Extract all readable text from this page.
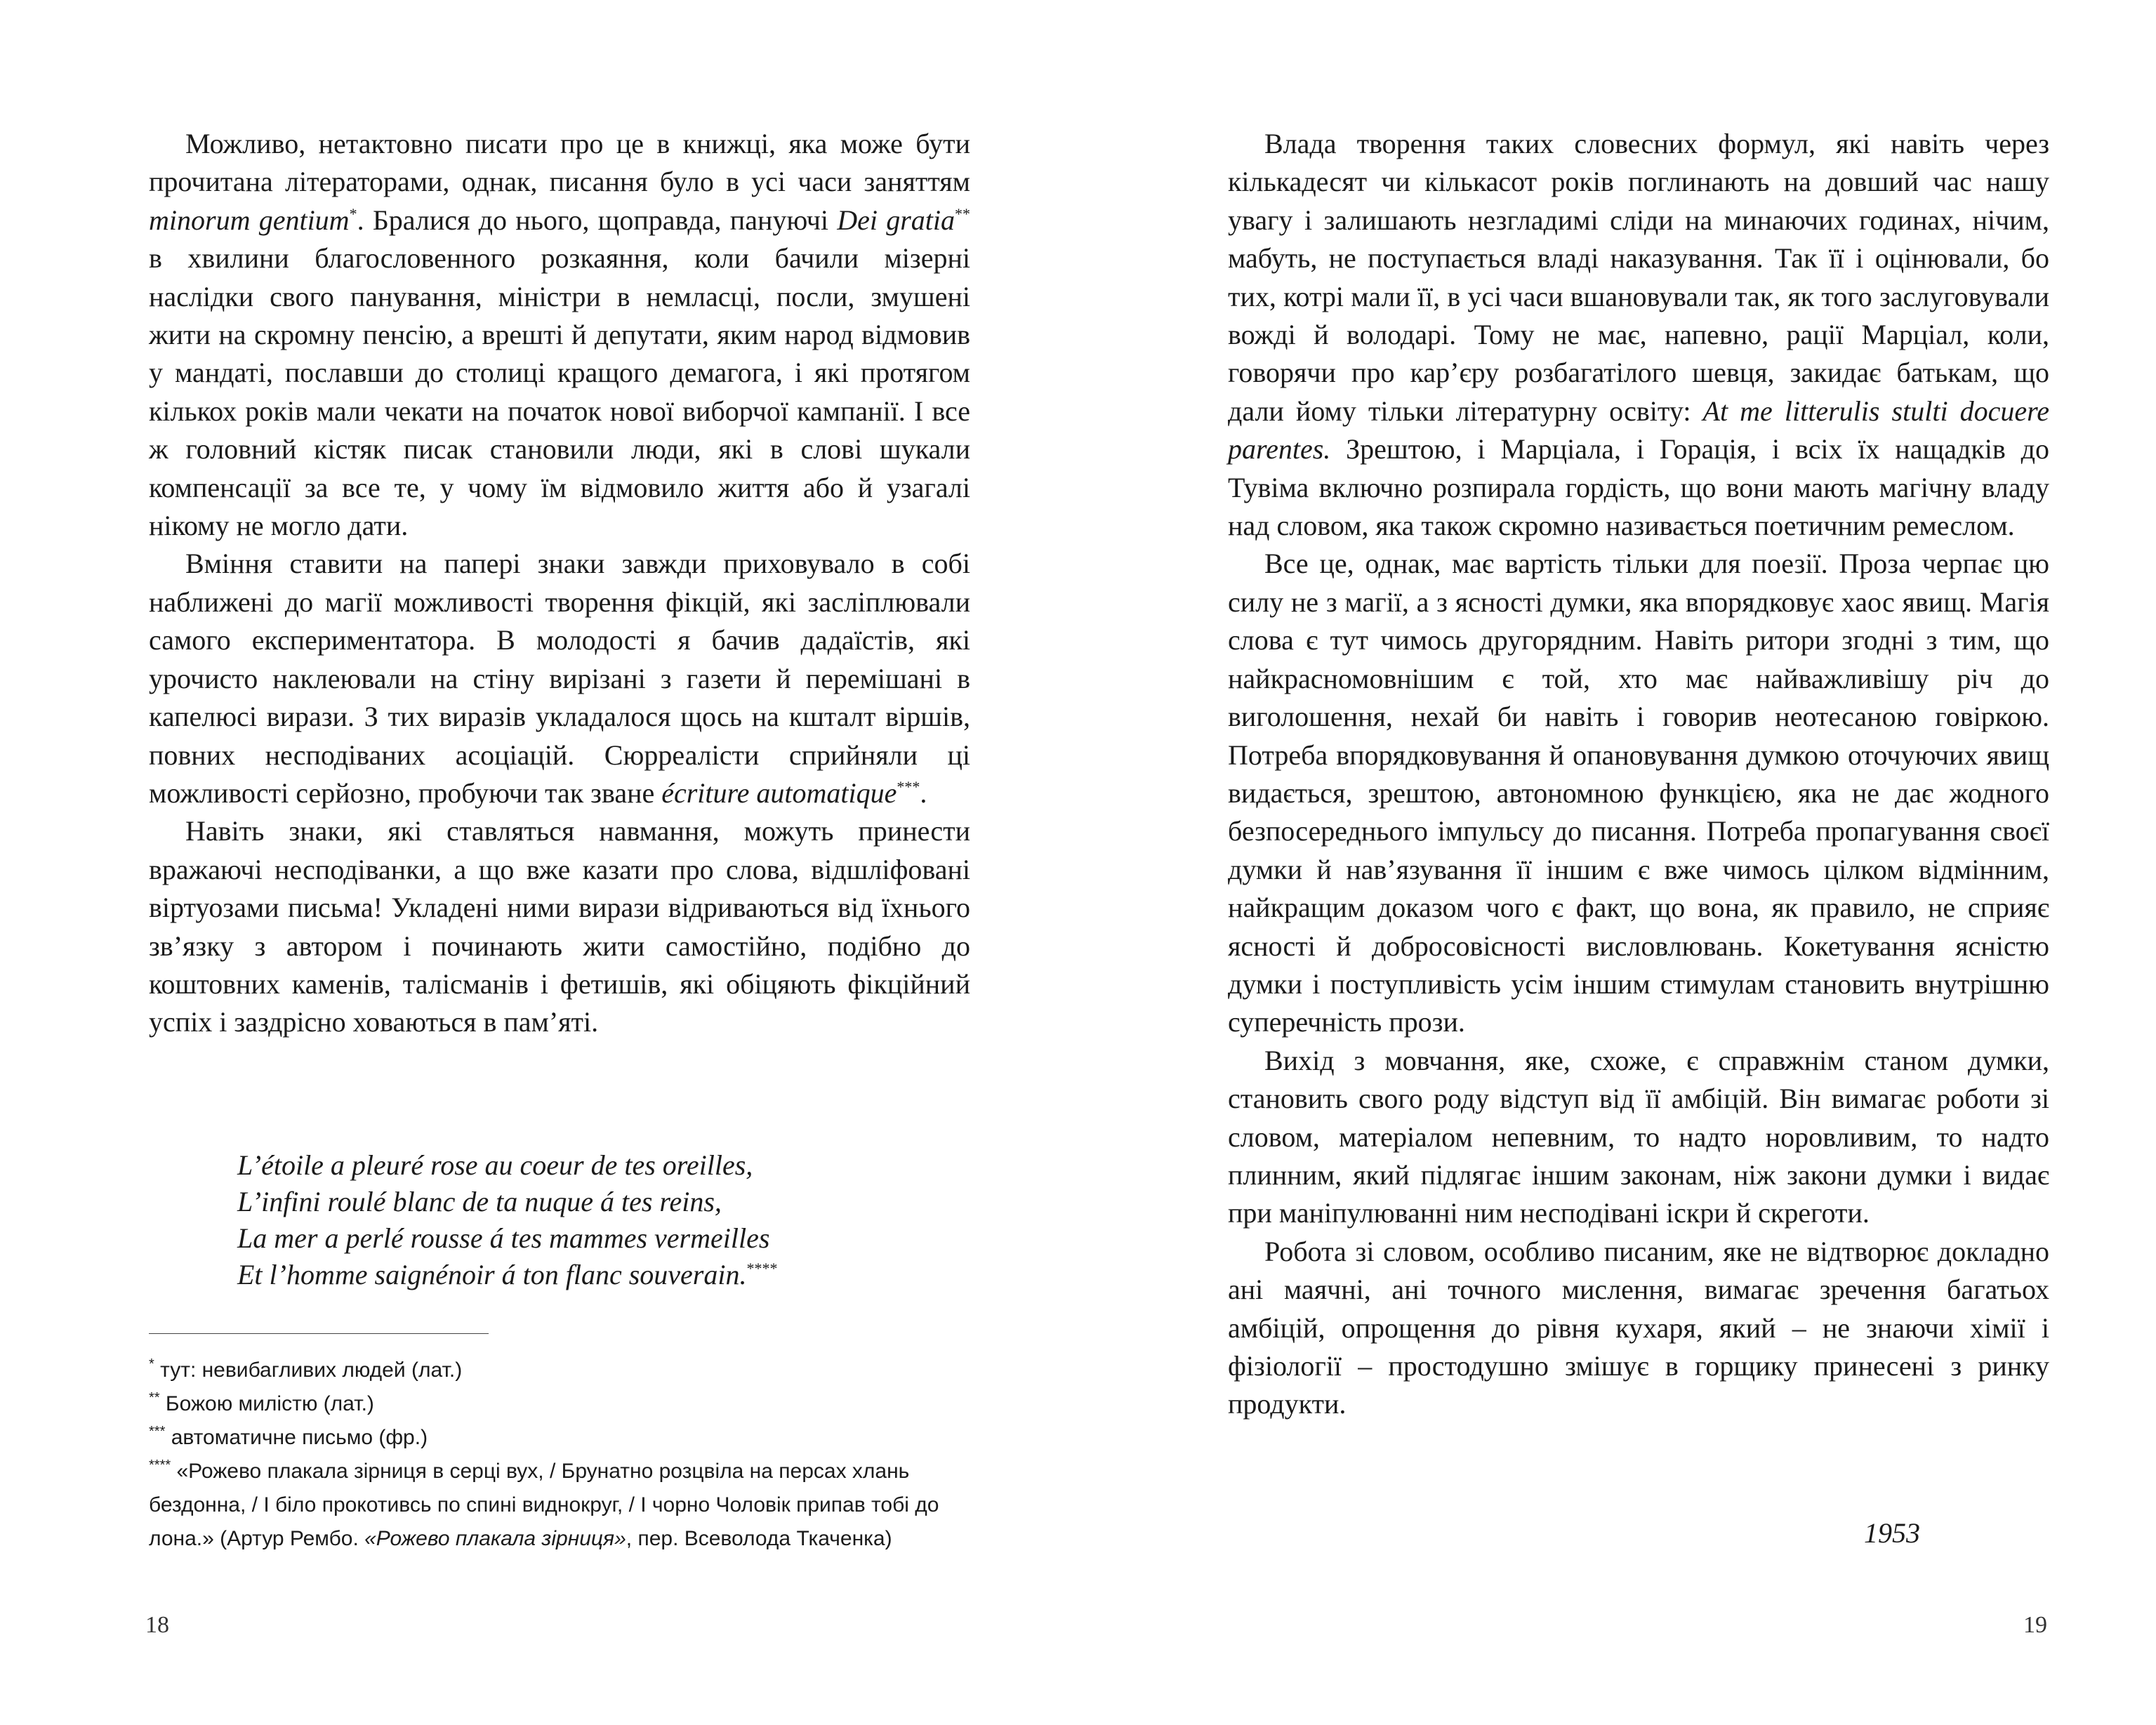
Можливо, нетактовно писати про це в книжці, яка може бути прочитана літераторами, однак, писання було в усі часи заняттям minorum gentium*. Бралися до нього, щоправда, пануючі Dei gratia** в хвилини благословенного розкаяння, коли бачили мізерні наслідки свого панування, міністри в немласці, посли, змушені жити на скромну пенсію, а врешті й депутати, яким народ відмовив у мандаті, пославши до столиці кращого демагога, і які протягом кількох років мали чекати на початок нової виборчої кампанії. І все ж головний кістяк писак становили люди, які в слові шукали компенсації за все те, у чому їм відмовило життя або й узагалі нікому не могло дати.

Вміння ставити на папері знаки завжди приховувало в собі наближені до магії можливості творення фікцій, які засліплювали самого експериментатора. В молодості я бачив дадаїстів, які урочисто наклеювали на стіну вирізані з газети й перемішані в капелюсі вирази. З тих виразів укладалося щось на кшталт віршів, повних несподіваних асоціацій. Сюрреалісти сприйняли ці можливості серйозно, пробуючи так зване écriture automatique***.

Навіть знаки, які ставляться навмання, можуть принести вражаючі несподіванки, а що вже казати про слова, відшліфовані віртуозами письма! Укладені ними вирази відриваються від їхнього зв’язку з автором і починають жити самостійно, подібно до коштовних каменів, талісманів і фетишів, які обіцяють фікційний успіх і заздрісно ховаються в пам’яті.

L’étoile a pleuré rose au coeur de tes oreilles,
L’infini roulé blanc de ta nuque á tes reins,
La mer a perlé rousse á tes mammes vermeilles
Et l’homme saignénoir á ton flanc souverain.****
* тут: невибагливих людей (лат.)
** Божою милістю (лат.)
*** автоматичне письмо (фр.)
**** «Рожево плакала зірниця в серці вух, / Брунатно розцвіла на персах хлань бездонна, / І біло прокотивсь по спині виднокруг, / І чорно Чоловік припав тобі до лона.» (Артур Рембо. «Рожево плакала зірниця», пер. Всеволода Ткаченка)
18

Влада творення таких словесних формул, які навіть через кількадесят чи кількасот років поглинають на довший час нашу увагу і залишають незгладимі сліди на минаючих годинах, нічим, мабуть, не поступається владі наказування. Так її і оцінювали, бо тих, котрі мали її, в усі часи вшановували так, як того заслуговували вожді й володарі. Тому не має, напевно, рації Марціал, коли, говорячи про кар’єру розбагатілого шевця, закидає батькам, що дали йому тільки літературну освіту: At me litterulis stulti docuere parentes. Зрештою, і Марціала, і Горація, і всіх їх нащадків до Тувіма включно розпирала гордість, що вони мають магічну владу над словом, яка також скромно називається поетичним ремеслом.

Все це, однак, має вартість тільки для поезії. Проза черпає цю силу не з магії, а з ясності думки, яка впорядковує хаос явищ. Магія слова є тут чимось другорядним. Навіть ритори згодні з тим, що найкрасномовнішим є той, хто має найважливішу річ до виголошення, нехай би навіть і говорив неотесаною говіркою. Потреба впорядковування й опановування думкою оточуючих явищ видається, зрештою, автономною функцією, яка не дає жодного безпосереднього імпульсу до писання. Потреба пропагування своєї думки й нав’язування її іншим є вже чимось цілком відмінним, найкращим доказом чого є факт, що вона, як правило, не сприяє ясності й добросовісності висловлювань. Кокетування ясністю думки і поступливість усім іншим стимулам становить внутрішню суперечність прози.

Вихід з мовчання, яке, схоже, є справжнім станом думки, становить свого роду відступ від її амбіцій. Він вимагає роботи зі словом, матеріалом непевним, то надто норовливим, то надто плинним, який підлягає іншим законам, ніж закони думки і видає при маніпулюванні ним несподівані іскри й скреготи.

Робота зі словом, особливо писаним, яке не відтворює докладно ані маячні, ані точного мислення, вимагає зречення багатьох амбіцій, опрощення до рівня кухаря, який – не знаючи хімії і фізіології – простодушно змішує в горщику принесені з ринку продукти.

1953
19
